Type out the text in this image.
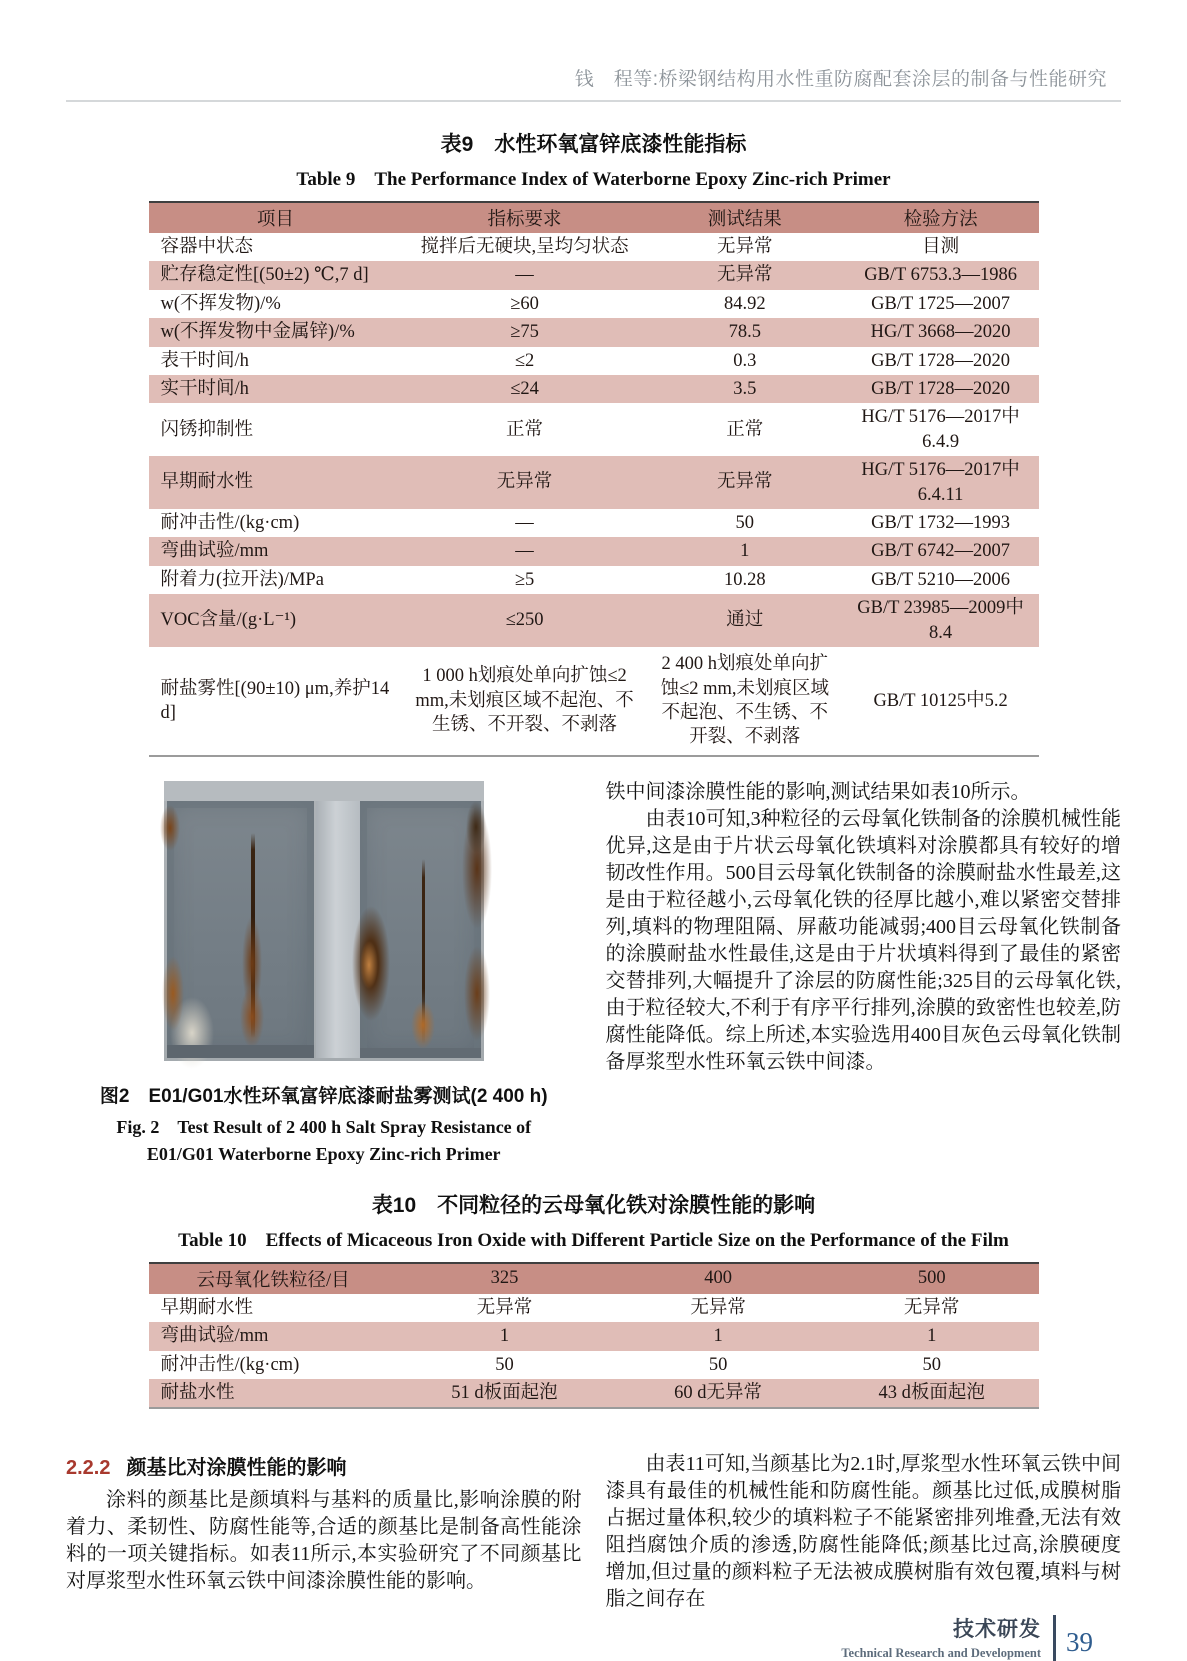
钱　程等:桥梁钢结构用水性重防腐配套涂层的制备与性能研究
表9　水性环氧富锌底漆性能指标
Table 9　The Performance Index of Waterborne Epoxy Zinc-rich Primer
项目	指标要求	测试结果	检验方法
容器中状态	搅拌后无硬块,呈均匀状态	无异常	目测
贮存稳定性[(50±2) ℃,7 d]	—	无异常	GB/T 6753.3—1986
w(不挥发物)/%	≥60	84.92	GB/T 1725—2007
w(不挥发物中金属锌)/%	≥75	78.5	HG/T 3668—2020
表干时间/h	≤2	0.3	GB/T 1728—2020
实干时间/h	≤24	3.5	GB/T 1728—2020
闪锈抑制性	正常	正常	HG/T 5176—2017中6.4.9
早期耐水性	无异常	无异常	HG/T 5176—2017中6.4.11
耐冲击性/(kg·cm)	—	50	GB/T 1732—1993
弯曲试验/mm	—	1	GB/T 6742—2007
附着力(拉开法)/MPa	≥5	10.28	GB/T 5210—2006
VOC含量/(g·L⁻¹)	≤250	通过	GB/T 23985—2009中8.4
耐盐雾性[(90±10) μm,养护14 d]	1 000 h划痕处单向扩蚀≤2 mm,未划痕区域不起泡、不生锈、不开裂、不剥落	2 400 h划痕处单向扩蚀≤2 mm,未划痕区域不起泡、不生锈、不开裂、不剥落	GB/T 10125中5.2
图2　E01/G01水性环氧富锌底漆耐盐雾测试(2 400 h)
Fig. 2　Test Result of 2 400 h Salt Spray Resistance of
E01/G01 Waterborne Epoxy Zinc-rich Primer

铁中间漆涂膜性能的影响,测试结果如表10所示。

由表10可知,3种粒径的云母氧化铁制备的涂膜机械性能优异,这是由于片状云母氧化铁填料对涂膜都具有较好的增韧改性作用。500目云母氧化铁制备的涂膜耐盐水性最差,这是由于粒径越小,云母氧化铁的径厚比越小,难以紧密交替排列,填料的物理阻隔、屏蔽功能减弱;400目云母氧化铁制备的涂膜耐盐水性最佳,这是由于片状填料得到了最佳的紧密交替排列,大幅提升了涂层的防腐性能;325目的云母氧化铁,由于粒径较大,不利于有序平行排列,涂膜的致密性也较差,防腐性能降低。综上所述,本实验选用400目灰色云母氧化铁制备厚浆型水性环氧云铁中间漆。

表10　不同粒径的云母氧化铁对涂膜性能的影响
Table 10　Effects of Micaceous Iron Oxide with Different Particle Size on the Performance of the Film
云母氧化铁粒径/目	325	400	500
早期耐水性	无异常	无异常	无异常
弯曲试验/mm	1	1	1
耐冲击性/(kg·cm)	50	50	50
耐盐水性	51 d板面起泡	60 d无异常	43 d板面起泡
2.2.2 颜基比对涂膜性能的影响

涂料的颜基比是颜填料与基料的质量比,影响涂膜的附着力、柔韧性、防腐性能等,合适的颜基比是制备高性能涂料的一项关键指标。如表11所示,本实验研究了不同颜基比对厚浆型水性环氧云铁中间漆涂膜性能的影响。

由表11可知,当颜基比为2.1时,厚浆型水性环氧云铁中间漆具有最佳的机械性能和防腐性能。颜基比过低,成膜树脂占据过量体积,较少的填料粒子不能紧密排列堆叠,无法有效阻挡腐蚀介质的渗透,防腐性能降低;颜基比过高,涂膜硬度增加,但过量的颜料粒子无法被成膜树脂有效包覆,填料与树脂之间存在

技术研发
Technical Research and Development 39
